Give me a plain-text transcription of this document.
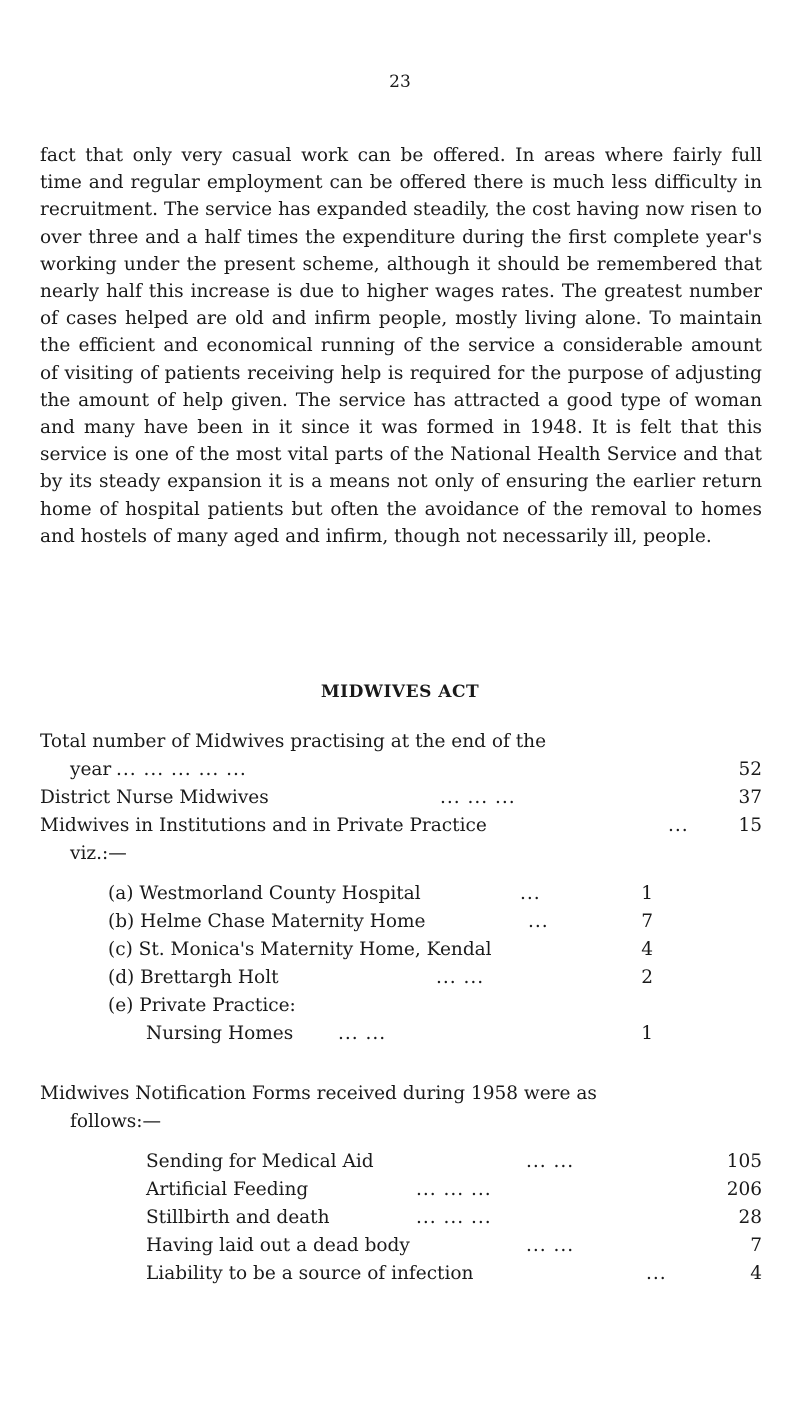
23

fact that only very casual work can be offered. In areas where fairly full time and regular employment can be offered there is much less difficulty in recruitment. The service has expanded steadily, the cost having now risen to over three and a half times the expenditure during the first complete year's working under the present scheme, although it should be remembered that nearly half this increase is due to higher wages rates. The greatest number of cases helped are old and infirm people, mostly living alone. To maintain the efficient and economical running of the service a considerable amount of visiting of patients receiving help is required for the purpose of adjusting the amount of help given. The service has attracted a good type of woman and many have been in it since it was formed in 1948. It is felt that this service is one of the most vital parts of the National Health Service and that by its steady expansion it is a means not only of ensuring the earlier return home of hospital patients but often the avoidance of the removal to homes and hostels of many aged and infirm, though not necessarily ill, people.

MIDWIVES ACT
Total number of Midwives practising at the end of the
year ... ... ... ... ...	52
District Nurse Midwives	... ... ...	37
Midwives in Institutions and in Private Practice	...	15
viz.:—
(a) Westmorland County Hospital	...	1
(b) Helme Chase Maternity Home	...	7
(c) St. Monica's Maternity Home, Kendal	4
(d) Brettargh Holt	... ...	2
(e) Private Practice:
Nursing Homes ... ...	1
Midwives Notification Forms received during 1958 were as
follows:—
Sending for Medical Aid	... ...	105
Artificial Feeding	... ... ...	206
Stillbirth and death	... ... ...	28
Having laid out a dead body	... ...	7
Liability to be a source of infection	...	4
